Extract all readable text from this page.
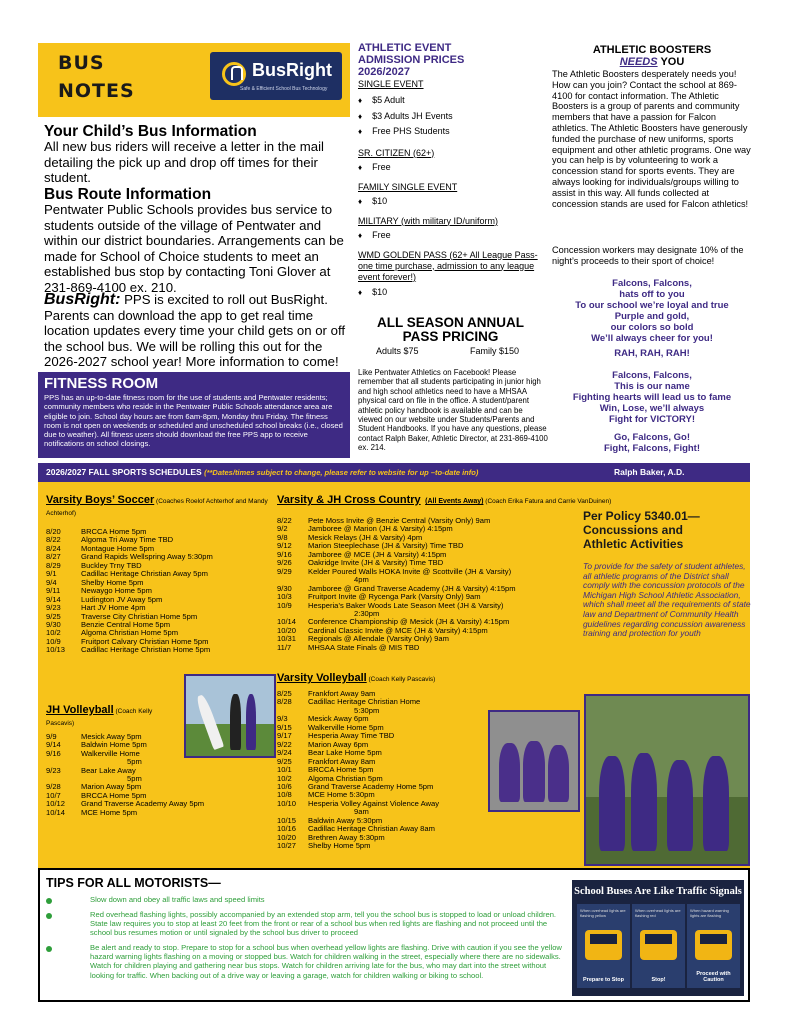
BUS
NOTES
BusRight
Safe & Efficient School Bus Technology
Your Child’s Bus Information
All new bus riders will receive a letter in the mail detailing the pick up and drop off times for their student.
Bus Route Information
Pentwater Public Schools provides bus service to students outside of the village of Pentwater and within our district boundaries. Arrangements can be made for School of Choice students to meet an established bus stop by contacting Toni Glover at 231-869-4100 ex. 210.
BusRight: PPS is excited to roll out BusRight. Parents can download the app to get real time location updates every time your child gets on or off the school bus. We will be rolling this out for the 2026-2027 school year! More information to come!
FITNESS ROOM
PPS has an up-to-date fitness room for the use of students and Pentwater residents; community members who reside in the Pentwater Public Schools attendance area are eligible to join. School day hours are from 6am-8pm, Monday thru Friday. The fitness room is not open on weekends or scheduled and unscheduled school breaks (i.e., closed due to weather). All fitness users should download the free PPS app to receive notifications on school closings.
ATHLETIC EVENT ADMISSION PRICES 2026/2027
SINGLE EVENT
♦ $5 Adult
♦ $3 Adults JH Events
♦ Free PHS Students
SR. CITIZEN (62+)
♦ Free
FAMILY SINGLE EVENT
♦ $10
MILITARY (with military ID/uniform)
♦ Free
WMD GOLDEN PASS (62+ All League Pass-one time purchase, admission to any league event forever!)
♦ $10
ALL SEASON ANNUAL PASS PRICING
Adults $75	Family $150
Like Pentwater Athletics on Facebook! Please remember that all students participating in junior high and high school athletics need to have a MHSAA physical card on file in the office. A student/parent athletic policy handbook is available and can be viewed on our website under Students/Parents and Student Handbooks. If you have any questions, please contact Ralph Baker, Athletic Director, at 231-869-4100 ex. 214.
ATHLETIC BOOSTERS
NEEDS YOU
The Athletic Boosters desperately needs you! How can you join? Contact the school at 869-4100 for contact information. The Athletic Boosters is a group of parents and community members that have a passion for Falcon athletics. The Athletic Boosters have generously funded the purchase of new uniforms, sports equipment and other athletic programs. One way you can help is by volunteering to work a concession stand for sports events. They are always looking for individuals/groups willing to assist in this way. All funds collected at concession stands are used for Falcon athletics!
Concession workers may designate 10% of the night’s proceeds to their sport of choice!
Falcons, Falcons,
hats off to you
To our school we’re loyal and true
Purple and gold,
our colors so bold
We’ll always cheer for you!
RAH, RAH, RAH!
Falcons, Falcons,
This is our name
Fighting hearts will lead us to fame
Win, Lose, we’ll always
Fight for VICTORY!
Go, Falcons, Go!
Fight, Falcons, Fight!
2026/2027 FALL SPORTS SCHEDULES (**Dates/times subject to change, please refer to website for up –to-date info)	Ralph Baker, A.D.
Varsity Boys’ Soccer (Coaches Roelof Achterhof and Mandy Achterhof)
8/20	BRCCA Home 5pm
8/22	Algoma Tri Away Time TBD
8/24	Montague Home 5pm
8/27	Grand Rapids Wellspring Away 5:30pm
8/29	Buckley Trny TBD
9/1	Cadillac Heritage Christian Away 5pm
9/4	Shelby Home 5pm
9/11	Newaygo Home 5pm
9/14	Ludington JV Away 5pm
9/23	Hart JV Home 4pm
9/25	Traverse City Christian Home 5pm
9/30	Benzie Central Home 5pm
10/2	Algoma Christian Home 5pm
10/9	Fruitport Calvary Christian Home 5pm
10/13 Cadillac Heritage Christian Home 5pm
JH Volleyball (Coach Kelly Pascavis)
9/9	Mesick Away 5pm
9/14	Baldwin Home 5pm
9/16	Walkerville Home
5pm
9/23	Bear Lake Away
5pm
9/28	Marion Away 5pm
10/7	BRCCA Home 5pm
10/12 Grand Traverse Academy Away 5pm
10/14 MCE Home 5pm
Varsity & JH Cross Country (All Events Away) (Coach Erika Fatura and Carrie VanDuinen)
8/22 Pete Moss Invite @ Benzie Central (Varsity Only) 9am
9/2	Jamboree @ Marion (JH & Varsity) 4:15pm
9/8	Mesick Relays (JH & Varsity) 4pm
9/12 Marion Steeplechase (JH & Varsity) Time TBD
9/16 Jamboree @ MCE (JH & Varsity) 4:15pm
9/26 Oakridge Invite (JH & Varsity) Time TBD
9/29 Kelder Poured Walls HOKA Invite @ Scottville (JH & Varsity)
4pm
9/30 Jamboree @ Grand Traverse Academy (JH & Varsity) 4:15pm
10/3 Fruitport Invite @ Rycenga Park (Varsity Only) 9am
10/9 Hesperia’s Baker Woods Late Season Meet (JH & Varsity)
2:30pm
10/14 Conference Championship @ Mesick (JH & Varsity) 4:15pm
10/20 Cardinal Classic Invite @ MCE (JH & Varsity) 4:15pm
10/31 Regionals @ Allendale (Varsity Only) 9am
11/7 MHSAA State Finals @ MIS TBD
Varsity Volleyball (Coach Kelly Pascavis)
8/25 Frankfort Away 9am
8/28 Cadillac Heritage Christian Home
5:30pm
9/3	Mesick Away 6pm
9/15 Walkerville Home 5pm
9/17 Hesperia Away Time TBD
9/22 Marion Away 6pm
9/24 Bear Lake Home 5pm
9/25 Frankfort Away 8am
10/1 BRCCA Home 5pm
10/2 Algoma Christian 5pm
10/6 Grand Traverse Academy Home 5pm
10/8 MCE Home 5:30pm
10/10 Hesperia Volley Against Violence Away
9am
10/15 Baldwin Away 5:30pm
10/16 Cadillac Heritage Christian Away 8am
10/20 Brethren Away 5:30pm
10/27 Shelby Home 5pm
Per Policy 5340.01—
Concussions and
Athletic Activities
To provide for the safety of student athletes, all athletic programs of the District shall comply with the concussion protocols of the Michigan High School Athletic Association, which shall meet all the requirements of state law and Department of Community Health guidelines regarding concussion awareness training and protection for youth
TIPS FOR ALL MOTORISTS—
Slow down and obey all traffic laws and speed limits
Red overhead flashing lights, possibly accompanied by an extended stop arm, tell you the school bus is stopped to load or unload children. State law requires you to stop at least 20 feet from the front or rear of a school bus when red lights are flashing and not proceed until the school bus resumes motion or until signaled by the school bus driver to proceed
Be alert and ready to stop. Prepare to stop for a school bus when overhead yellow lights are flashing. Drive with caution if you see the yellow hazard warning lights flashing on a moving or stopped bus. Watch for children walking in the street, especially where there are no sidewalks. Watch for children playing and gathering near bus stops. Watch for children arriving late for the bus, who may dart into the street without looking for traffic. When backing out of a drive way or leaving a garage, watch for children walking or biking to school.
School Buses Are Like Traffic Signals
When overhead lights are flashing yellow
Prepare to Stop
When overhead lights are flashing red
Stop!
When hazard warning lights are flashing
Proceed with Caution
